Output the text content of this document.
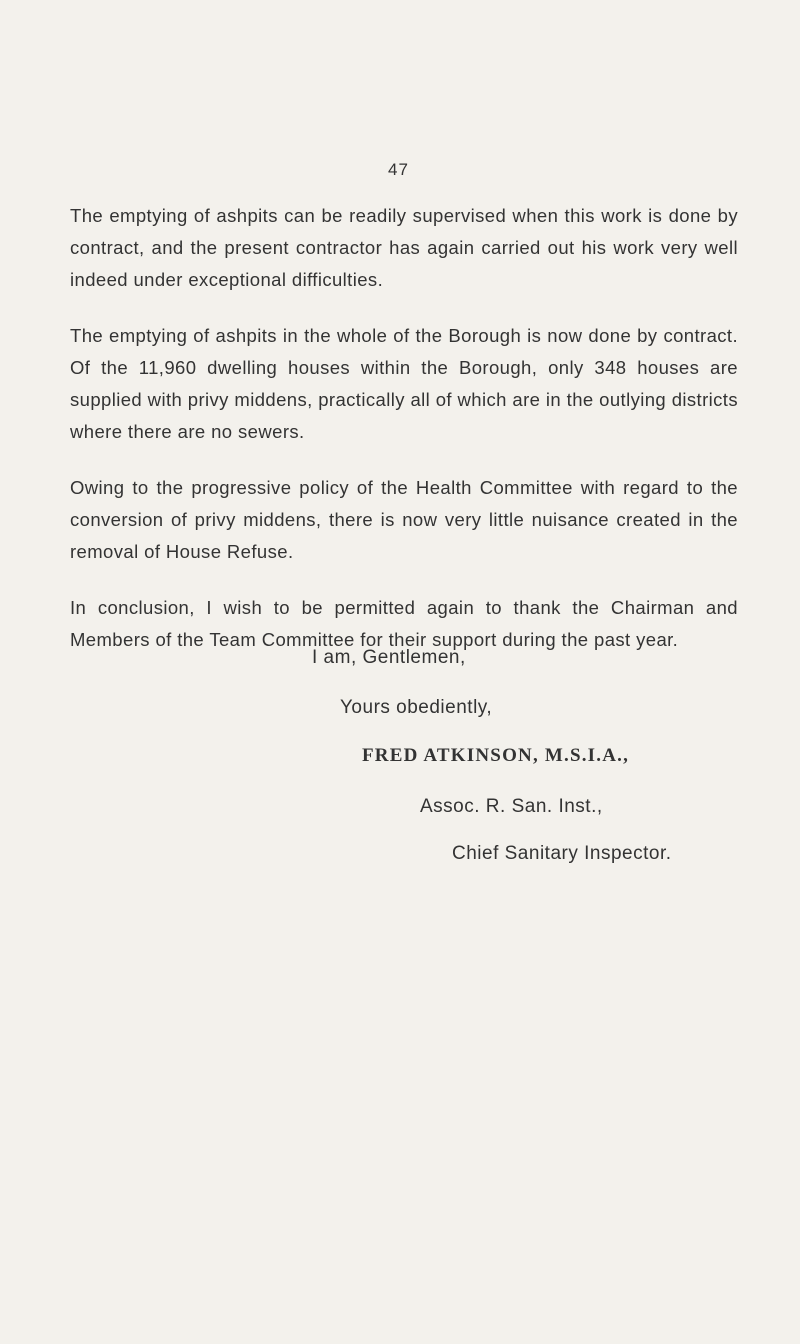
47

The emptying of ashpits can be readily supervised when this work is done by contract, and the present contractor has again carried out his work very well indeed under exceptional difficulties.

The emptying of ashpits in the whole of the Borough is now done by contract. Of the 11,960 dwelling houses within the Borough, only 348 houses are supplied with privy middens, practically all of which are in the outlying districts where there are no sewers.

Owing to the progressive policy of the Health Committee with regard to the conversion of privy middens, there is now very little nuisance created in the removal of House Refuse.

In conclusion, I wish to be permitted again to thank the Chairman and Members of the Team Committee for their support during the past year.

I am, Gentlemen,
Yours obediently,
FRED ATKINSON, M.S.I.A.,
Assoc. R. San. Inst.,
Chief Sanitary Inspector.
